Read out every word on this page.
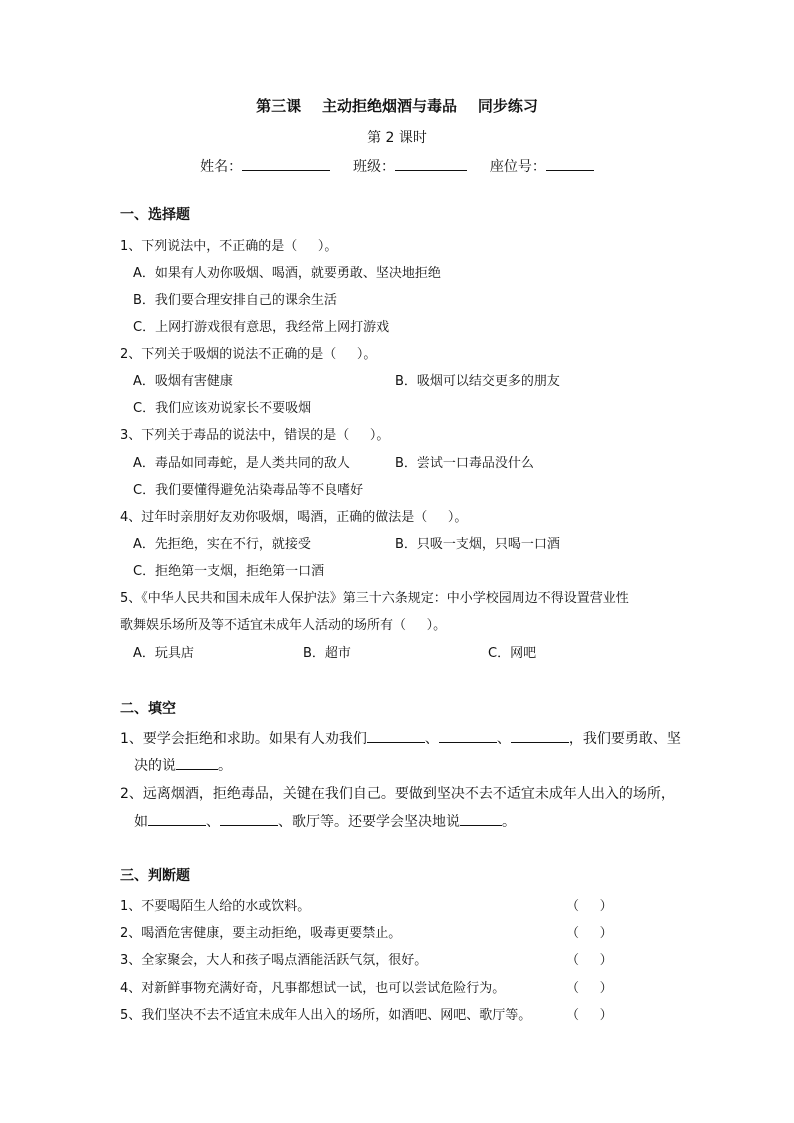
第三课    主动拒绝烟酒与毒品    同步练习
第 2 课时
姓名：	班级：	座位号：
一、选择题
1、下列说法中，不正确的是（     ）。
A．如果有人劝你吸烟、喝酒，就要勇敢、坚决地拒绝
B．我们要合理安排自己的课余生活
C．上网打游戏很有意思，我经常上网打游戏
2、下列关于吸烟的说法不正确的是（     ）。
A．吸烟有害健康	B．吸烟可以结交更多的朋友
C．我们应该劝说家长不要吸烟
3、下列关于毒品的说法中，错误的是（     ）。
A．毒品如同毒蛇，是人类共同的敌人	B．尝试一口毒品没什么
C．我们要懂得避免沾染毒品等不良嗜好
4、过年时亲朋好友劝你吸烟，喝酒，正确的做法是（     ）。
A．先拒绝，实在不行，就接受	B．只吸一支烟，只喝一口酒
C．拒绝第一支烟，拒绝第一口酒
5、《中华人民共和国未成年人保护法》第三十六条规定：中小学校园周边不得设置营业性
歌舞娱乐场所及等不适宜未成年人活动的场所有（     ）。
A．玩具店	B．超市	C．网吧
二、填空
1、要学会拒绝和求助。如果有人劝我们	、	、	，我们要勇敢、坚
决的说	。
2、远离烟酒，拒绝毒品，关键在我们自己。要做到坚决不去不适宜未成年人出入的场所，
如	、	、歌厅等。还要学会坚决地说	。
三、判断题
1、不要喝陌生人给的水或饮料。	（     ）
2、喝酒危害健康，要主动拒绝，吸毒更要禁止。	（     ）
3、全家聚会，大人和孩子喝点酒能活跃气氛，很好。	（     ）
4、对新鲜事物充满好奇，凡事都想试一试，也可以尝试危险行为。	（     ）
5、我们坚决不去不适宜未成年人出入的场所，如酒吧、网吧、歌厅等。	（     ）
